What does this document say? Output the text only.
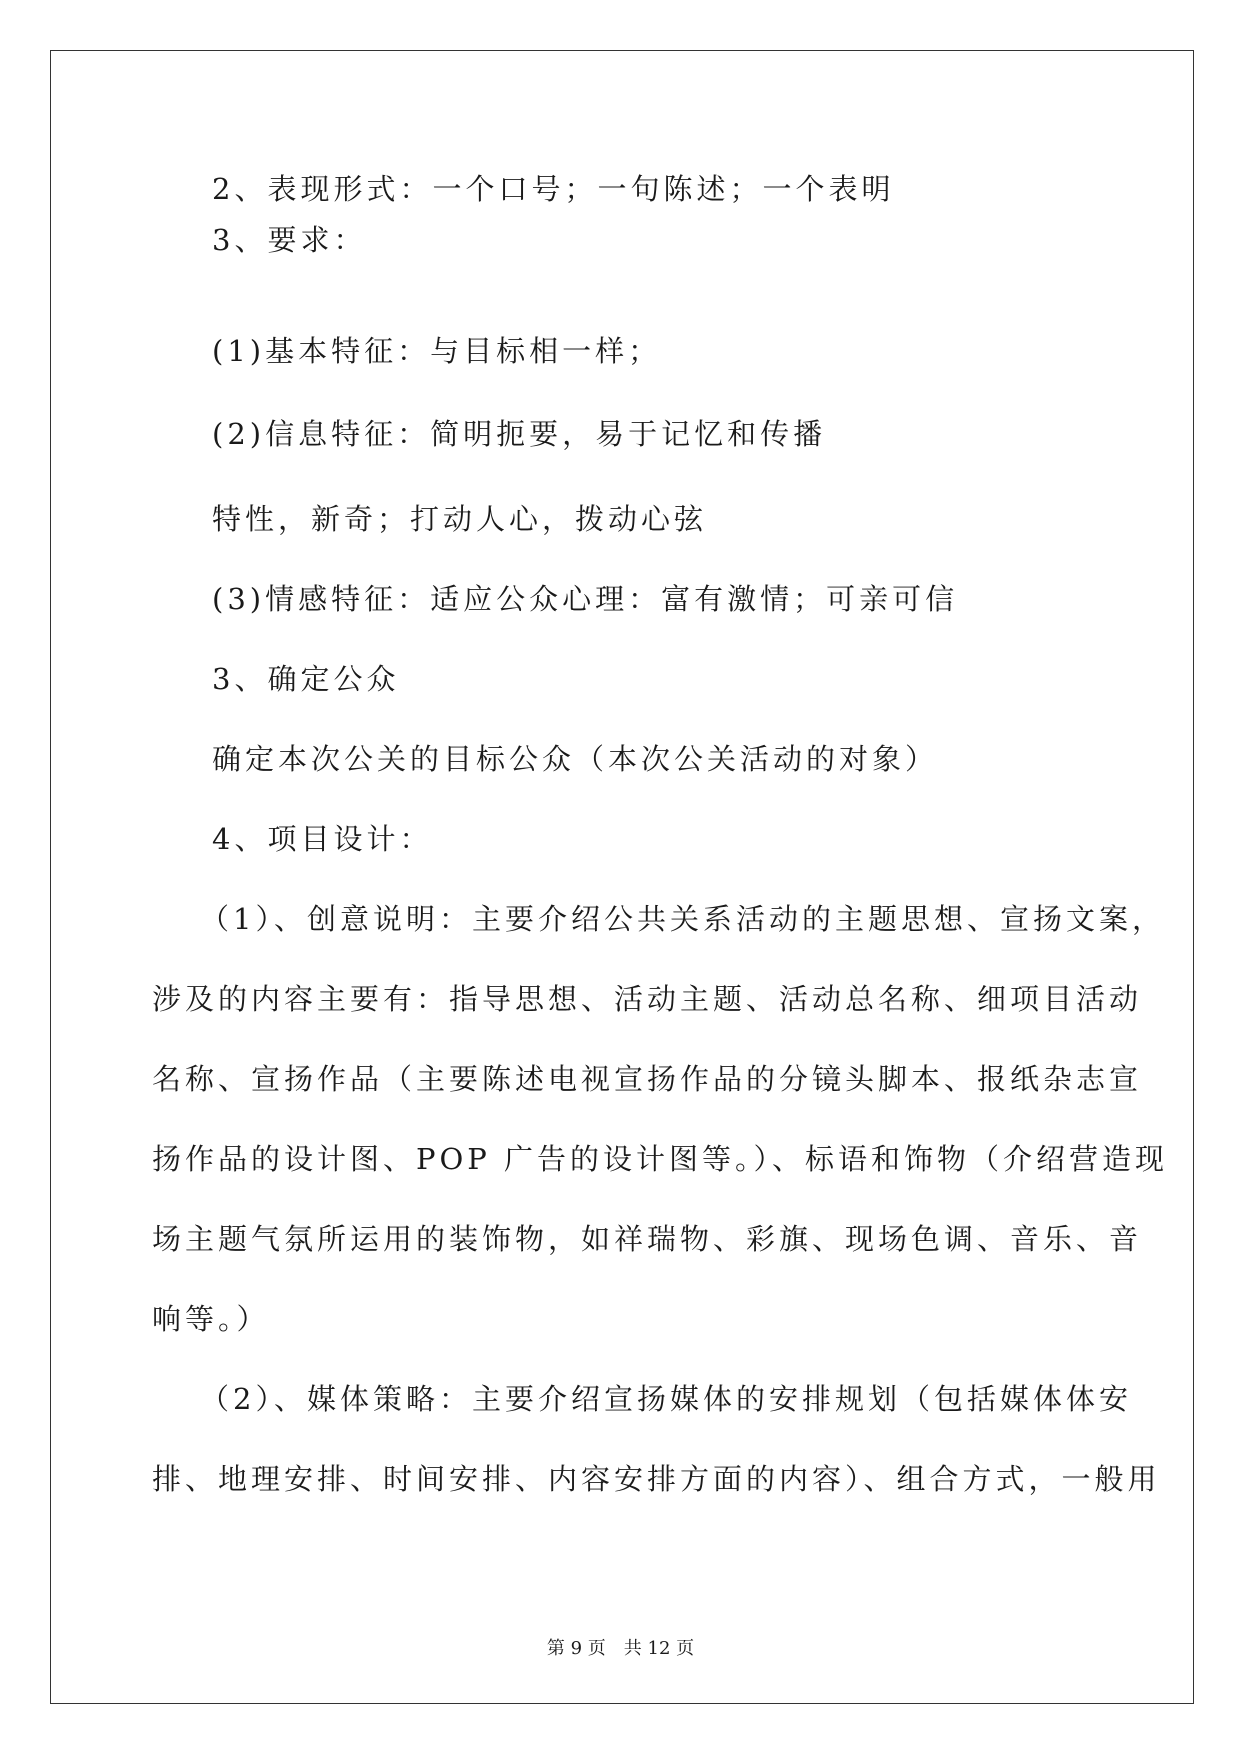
2、表现形式：一个口号；一句陈述；一个表明
3、要求：
(1)基本特征：与目标相一样；
(2)信息特征：简明扼要，易于记忆和传播
特性，新奇；打动人心，拨动心弦
(3)情感特征：适应公众心理：富有激情；可亲可信
3、确定公众
确定本次公关的目标公众（本次公关活动的对象）
4、项目设计：
（1）、创意说明：主要介绍公共关系活动的主题思想、宣扬文案，
涉及的内容主要有：指导思想、活动主题、活动总名称、细项目活动
名称、宣扬作品（主要陈述电视宣扬作品的分镜头脚本、报纸杂志宣
扬作品的设计图、POP 广告的设计图等。）、标语和饰物（介绍营造现
场主题气氛所运用的装饰物，如祥瑞物、彩旗、现场色调、音乐、音
响等。）
（2）、媒体策略：主要介绍宣扬媒体的安排规划（包括媒体体安
排、地理安排、时间安排、内容安排方面的内容）、组合方式，一般用
第 9 页　共 12 页
